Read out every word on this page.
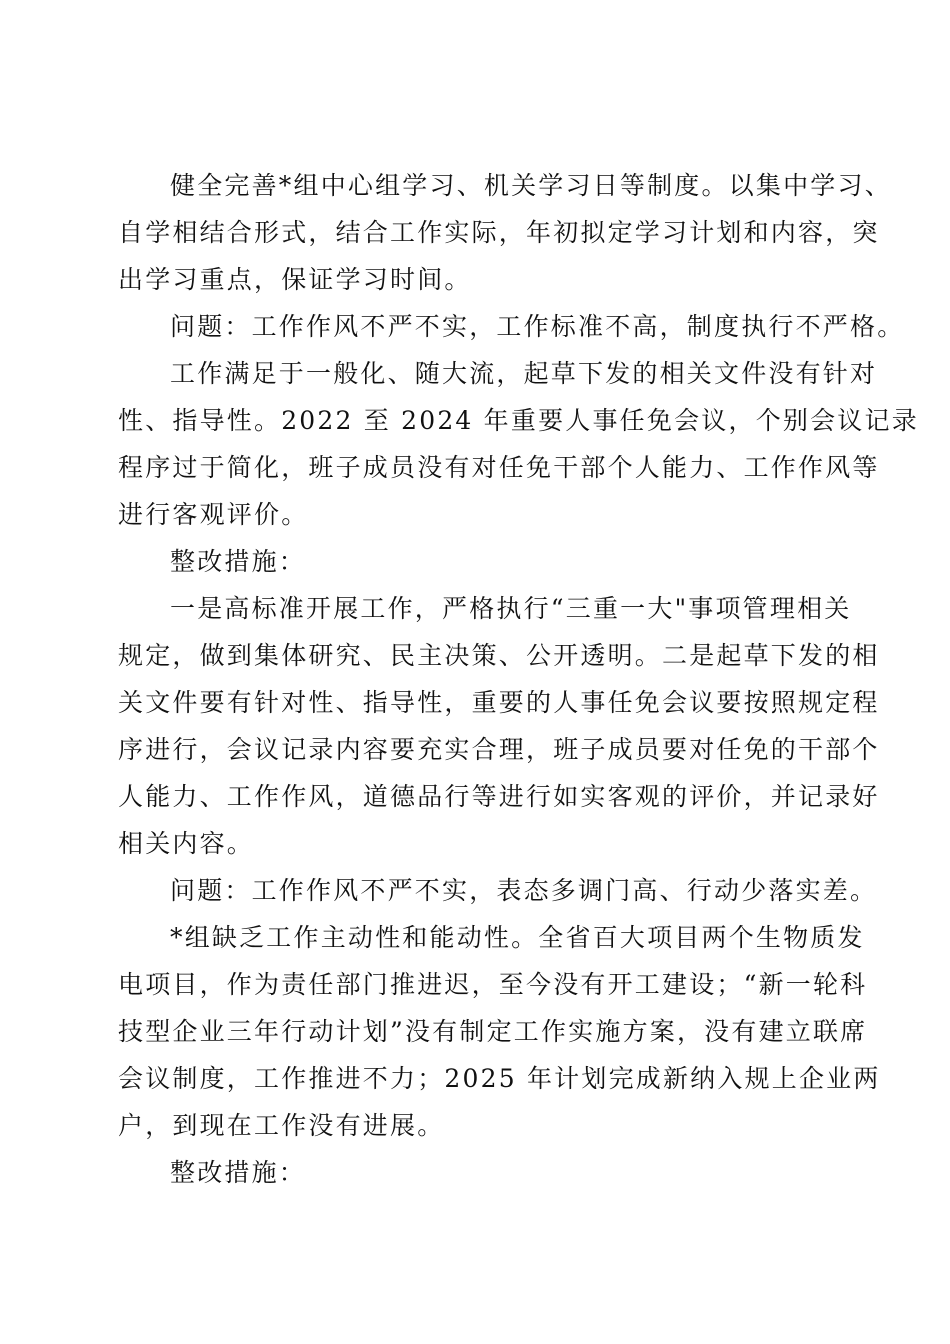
健全完善*组中心组学习、机关学习日等制度。以集中学习、
自学相结合形式，结合工作实际，年初拟定学习计划和内容，突
出学习重点，保证学习时间。
问题：工作作风不严不实，工作标准不高，制度执行不严格。
工作满足于一般化、随大流，起草下发的相关文件没有针对
性、指导性。2022 至 2024 年重要人事任免会议，个别会议记录
程序过于简化，班子成员没有对任免干部个人能力、工作作风等
进行客观评价。
整改措施：
一是高标准开展工作，严格执行“三重一大"事项管理相关
规定，做到集体研究、民主决策、公开透明。二是起草下发的相
关文件要有针对性、指导性，重要的人事任免会议要按照规定程
序进行，会议记录内容要充实合理，班子成员要对任免的干部个
人能力、工作作风，道德品行等进行如实客观的评价，并记录好
相关内容。
问题：工作作风不严不实，表态多调门高、行动少落实差。
*组缺乏工作主动性和能动性。全省百大项目两个生物质发
电项目，作为责任部门推进迟，至今没有开工建设；“新一轮科
技型企业三年行动计划”没有制定工作实施方案，没有建立联席
会议制度，工作推进不力；2025 年计划完成新纳入规上企业两
户，到现在工作没有进展。
整改措施：
